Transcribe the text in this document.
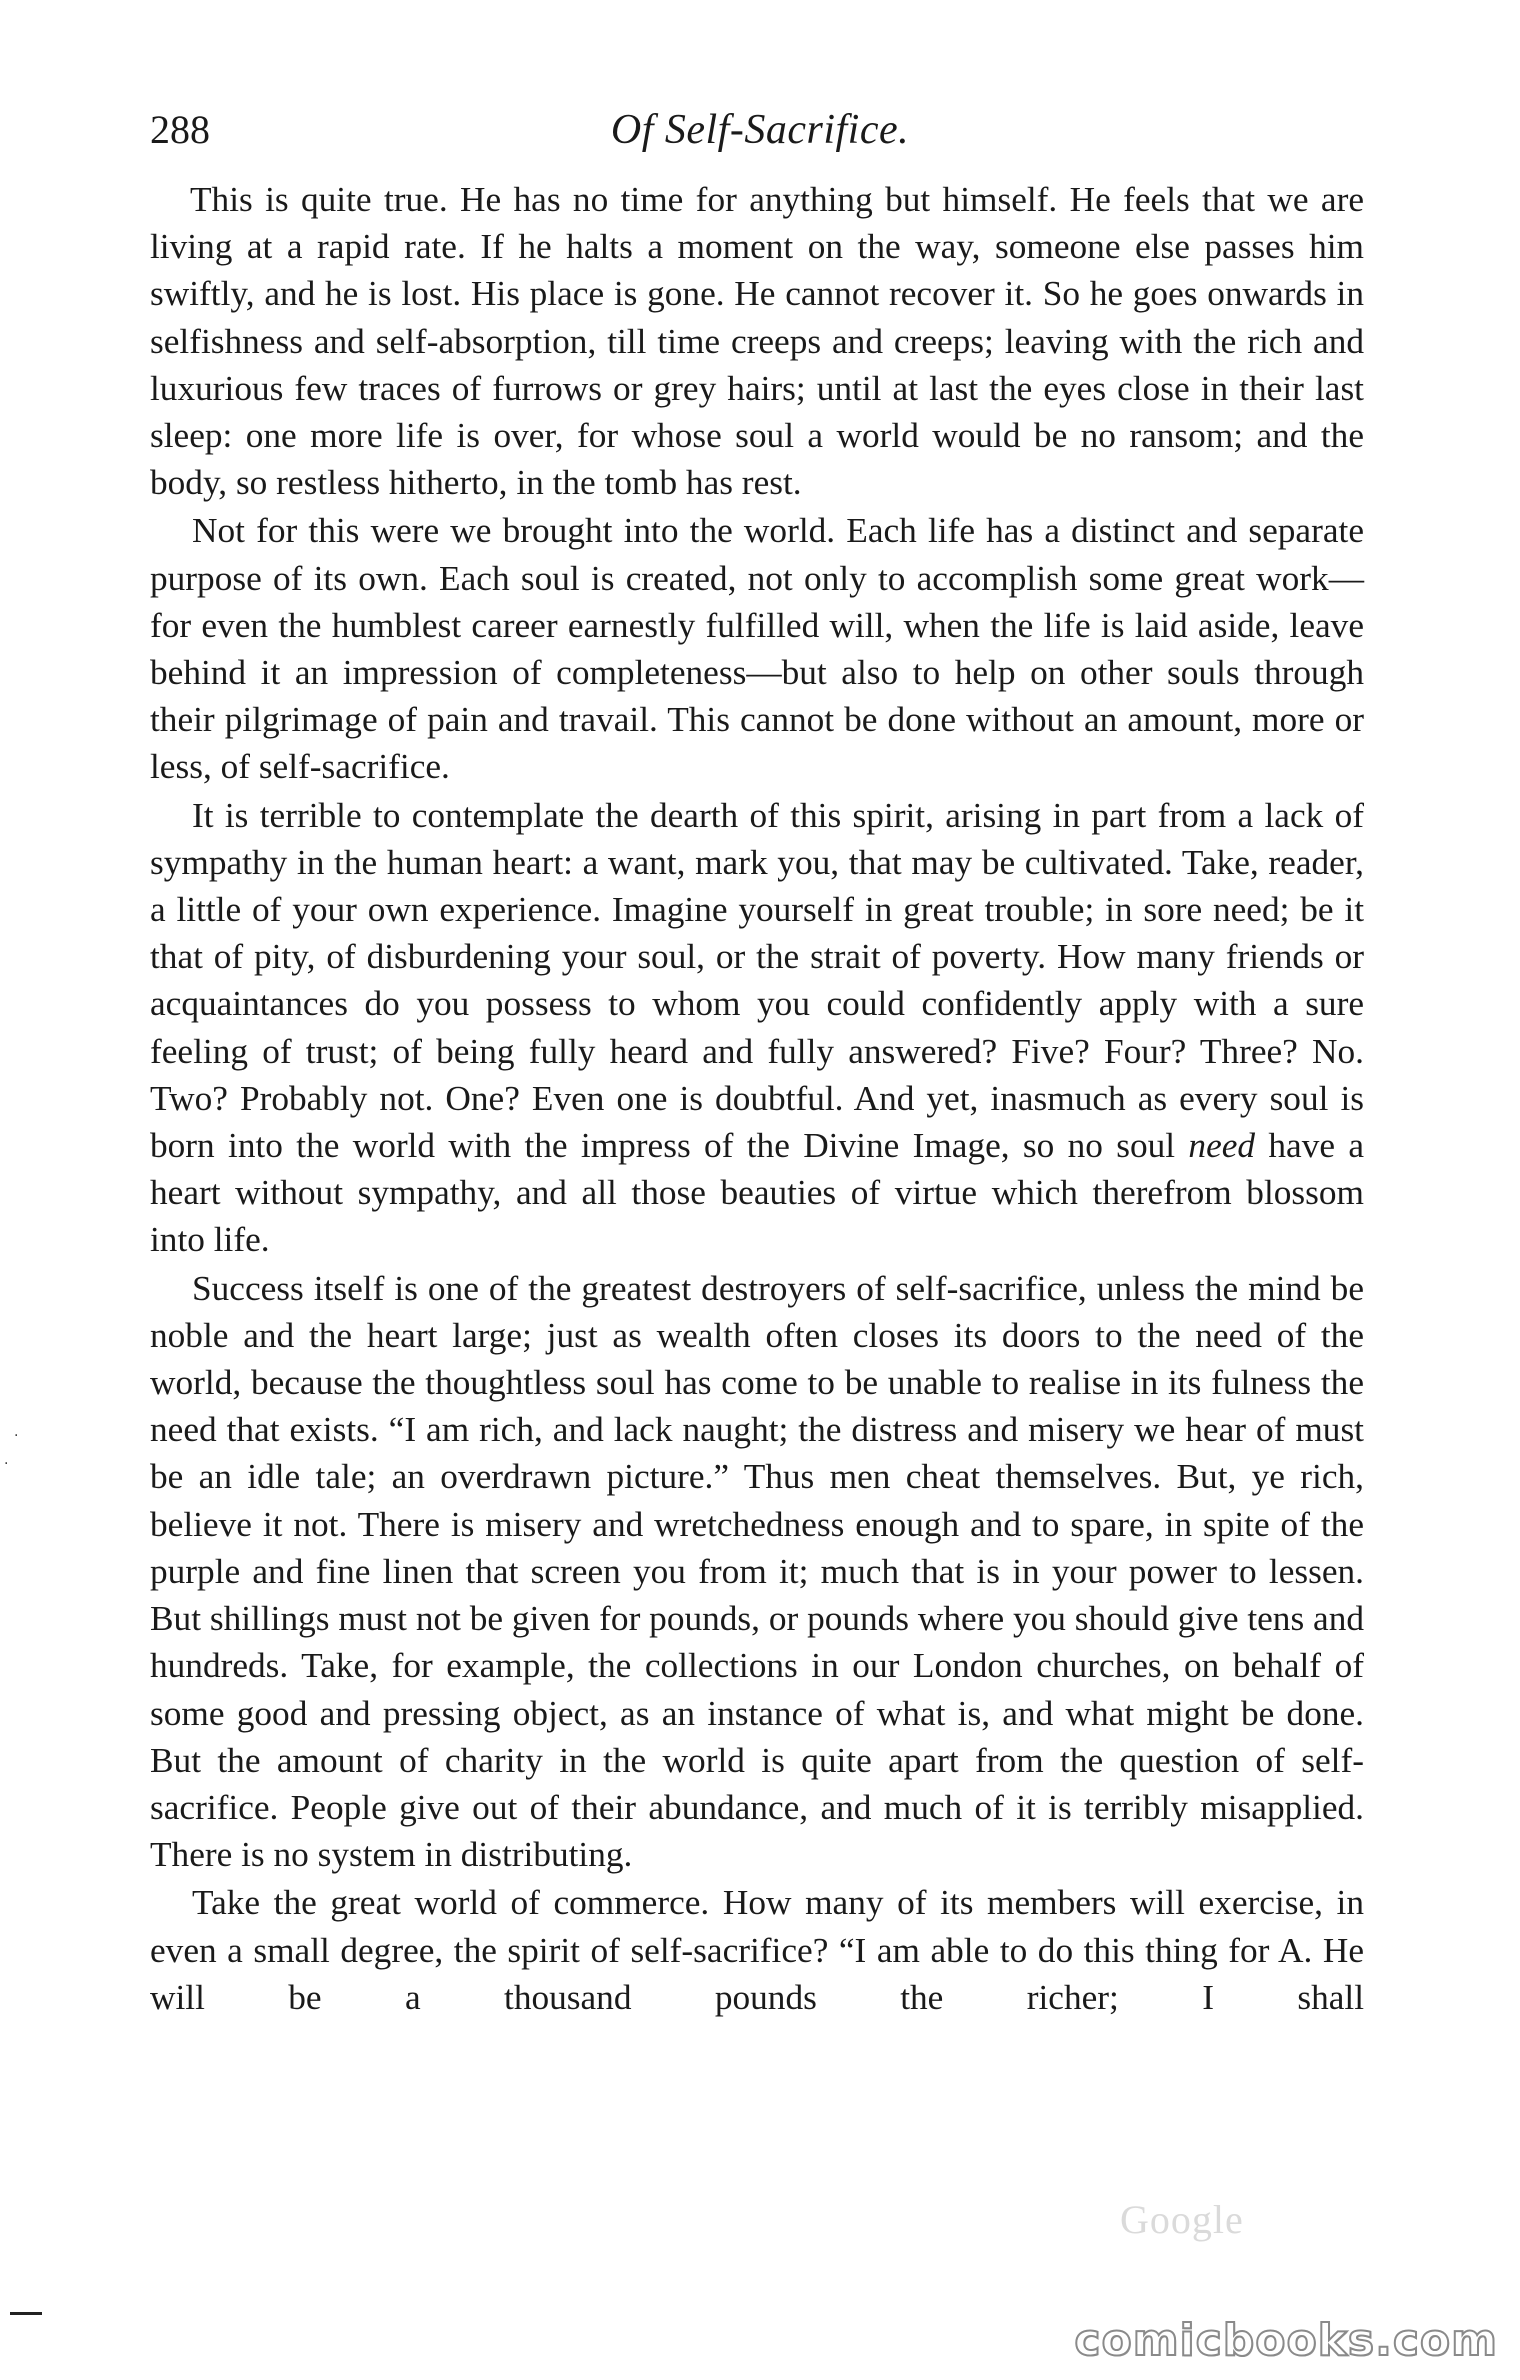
288	Of Self-Sacrifice.

This is quite true. He has no time for anything but himself. He feels that we are living at a rapid rate. If he halts a moment on the way, someone else passes him swiftly, and he is lost. His place is gone. He cannot recover it. So he goes onwards in selfishness and self-absorption, till time creeps and creeps; leaving with the rich and luxurious few traces of furrows or grey hairs; until at last the eyes close in their last sleep: one more life is over, for whose soul a world would be no ransom; and the body, so restless hitherto, in the tomb has rest.

Not for this were we brought into the world. Each life has a distinct and separate purpose of its own. Each soul is created, not only to accomplish some great work—for even the humblest career earnestly fulfilled will, when the life is laid aside, leave behind it an impression of completeness—but also to help on other souls through their pilgrimage of pain and travail. This cannot be done without an amount, more or less, of self-sacrifice.

It is terrible to contemplate the dearth of this spirit, arising in part from a lack of sympathy in the human heart: a want, mark you, that may be cultivated. Take, reader, a little of your own experience. Imagine yourself in great trouble; in sore need; be it that of pity, of disburdening your soul, or the strait of poverty. How many friends or acquaintances do you possess to whom you could confidently apply with a sure feeling of trust; of being fully heard and fully answered? Five? Four? Three? No. Two? Probably not. One? Even one is doubtful. And yet, inasmuch as every soul is born into the world with the impress of the Divine Image, so no soul need have a heart without sympathy, and all those beauties of virtue which therefrom blossom into life.

Success itself is one of the greatest destroyers of self-sacrifice, unless the mind be noble and the heart large; just as wealth often closes its doors to the need of the world, because the thoughtless soul has come to be unable to realise in its fulness the need that exists. “I am rich, and lack naught; the distress and misery we hear of must be an idle tale; an overdrawn picture.” Thus men cheat themselves. But, ye rich, believe it not. There is misery and wretchedness enough and to spare, in spite of the purple and fine linen that screen you from it; much that is in your power to lessen. But shillings must not be given for pounds, or pounds where you should give tens and hundreds. Take, for example, the collections in our London churches, on behalf of some good and pressing object, as an instance of what is, and what might be done. But the amount of charity in the world is quite apart from the question of self-sacrifice. People give out of their abundance, and much of it is terribly misapplied. There is no system in distributing.

Take the great world of commerce. How many of its members will exercise, in even a small degree, the spirit of self-sacrifice? “I am able to do this thing for A. He will be a thousand pounds the richer; I shall

·
·
Google
comicbooks.com
